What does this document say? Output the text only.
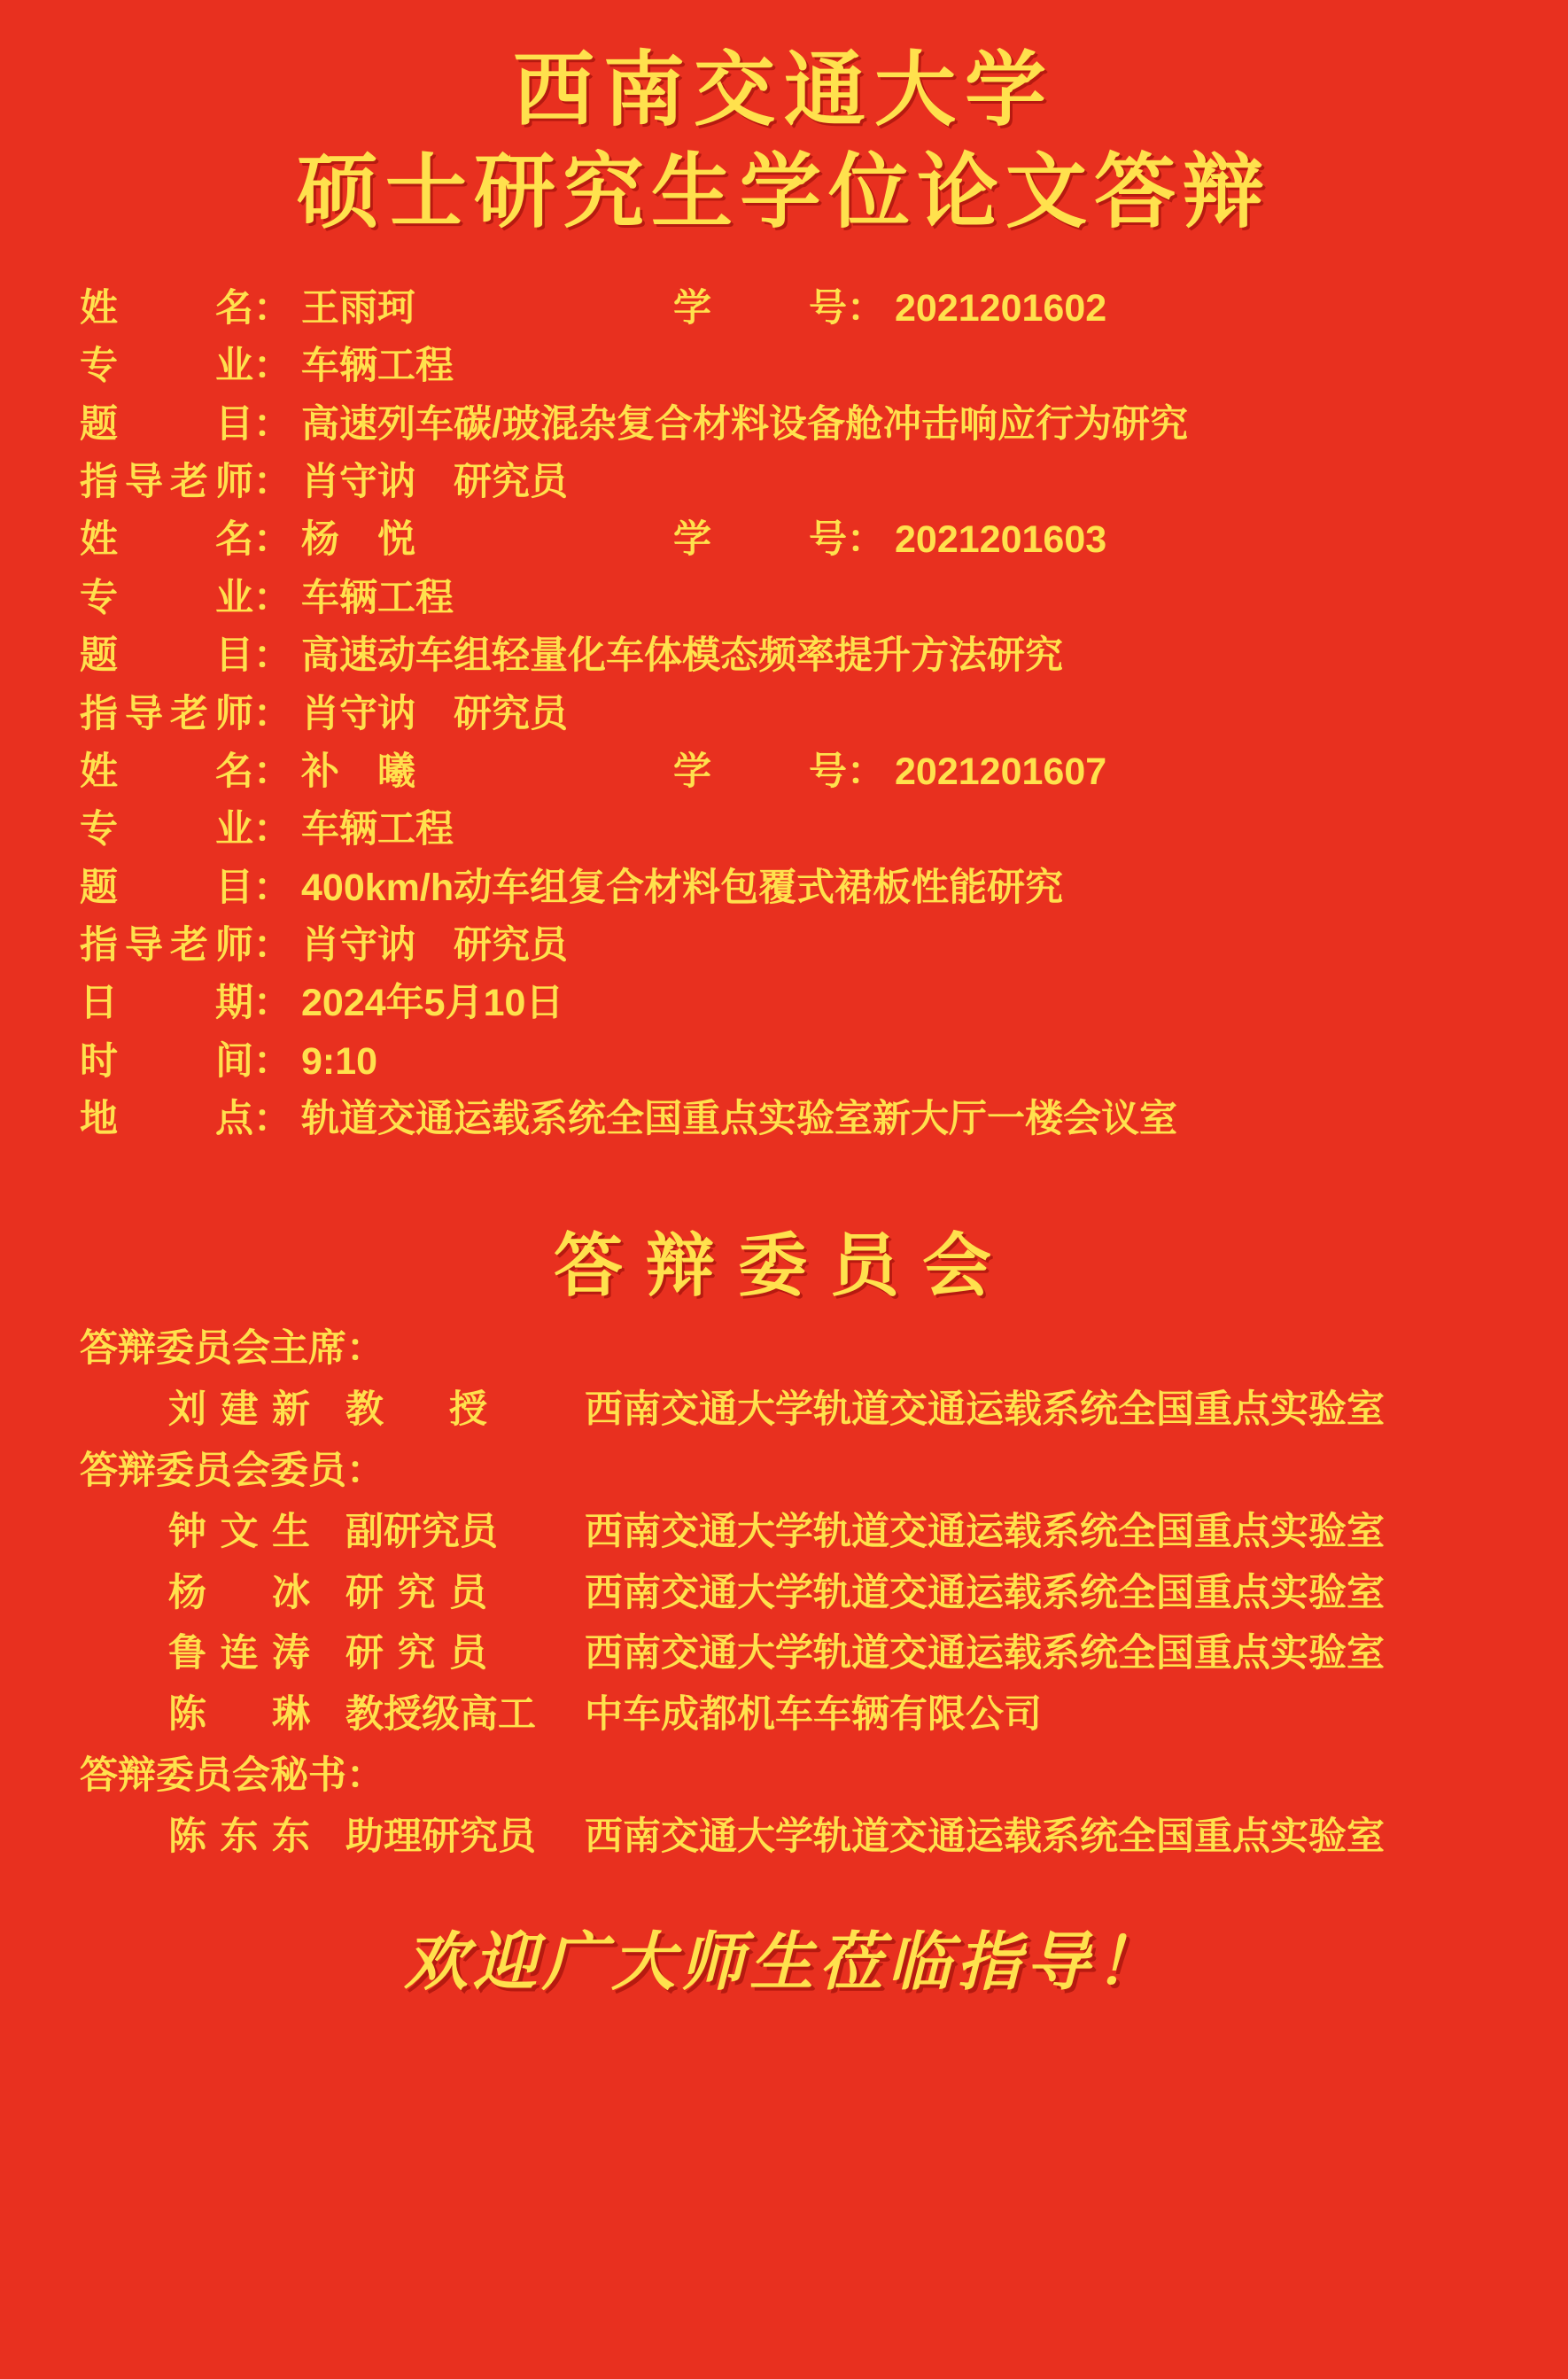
西南交通大学
硕士研究生学位论文答辩
姓　　名： 王雨珂	学　　号： 2021201602
专　　业： 车辆工程
题　　目： 高速列车碳/玻混杂复合材料设备舱冲击响应行为研究
指导老师： 肖守讷　研究员
姓　　名： 杨　悦	学　　号： 2021201603
专　　业： 车辆工程
题　　目： 高速动车组轻量化车体模态频率提升方法研究
指导老师： 肖守讷　研究员
姓　　名： 补　曦	学　　号： 2021201607
专　　业： 车辆工程
题　　目： 400km/h动车组复合材料包覆式裙板性能研究
指导老师： 肖守讷　研究员
日　　期： 2024年5月10日
时　　间： 9:10
地　　点： 轨道交通运载系统全国重点实验室新大厅一楼会议室
答辩委员会
答辩委员会主席：
刘建新 教　授	西南交通大学轨道交通运载系统全国重点实验室
答辩委员会委员：
钟文生 副研究员	西南交通大学轨道交通运载系统全国重点实验室
杨　冰 研究员	西南交通大学轨道交通运载系统全国重点实验室
鲁连涛 研究员	西南交通大学轨道交通运载系统全国重点实验室
陈　琳 教授级高工	中车成都机车车辆有限公司
答辩委员会秘书：
陈东东 助理研究员	西南交通大学轨道交通运载系统全国重点实验室
欢迎广大师生莅临指导！
